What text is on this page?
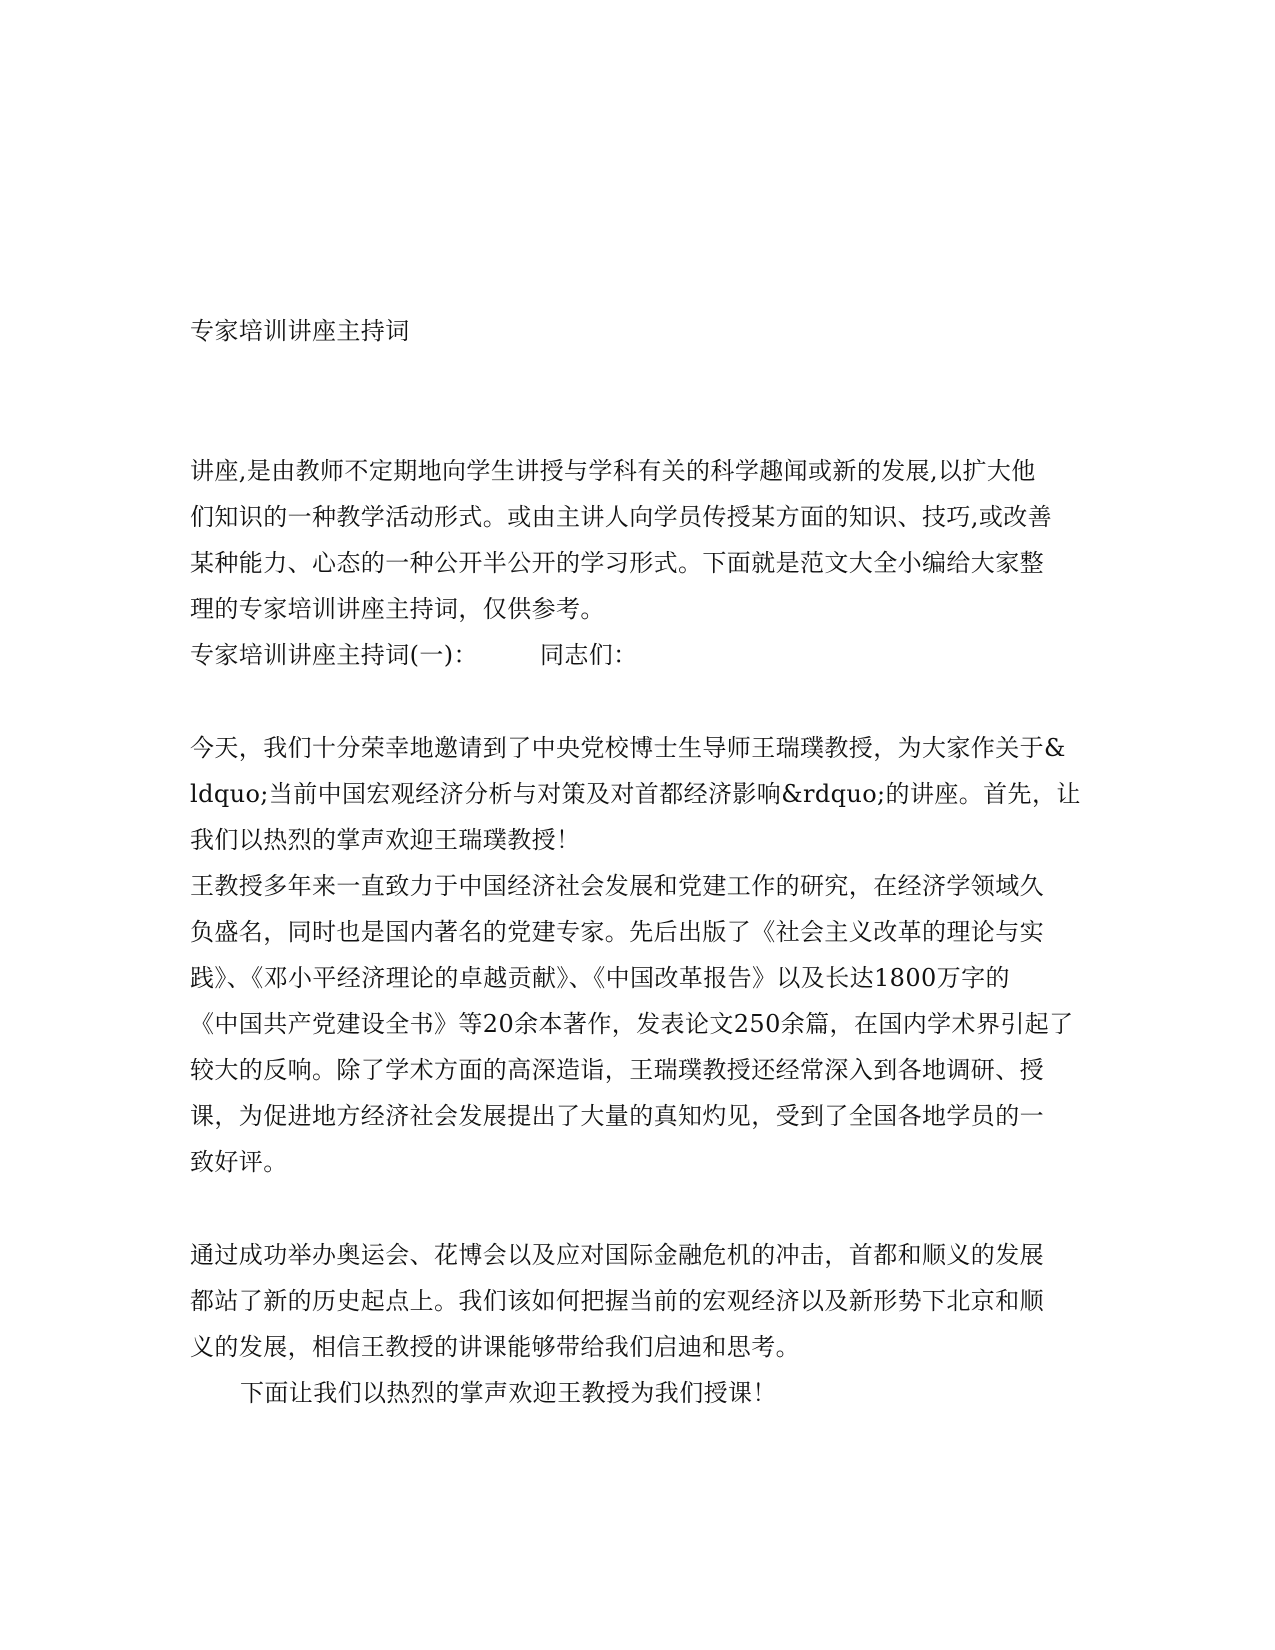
专家培训讲座主持词
讲座,是由教师不定期地向学生讲授与学科有关的科学趣闻或新的发展,以扩大他
们知识的一种教学活动形式。或由主讲人向学员传授某方面的知识、技巧,或改善
某种能力、心态的一种公开半公开的学习形式。下面就是范文大全小编给大家整
理的专家培训讲座主持词，仅供参考。
专家培训讲座主持词(一)：	同志们：
今天，我们十分荣幸地邀请到了中央党校博士生导师王瑞璞教授，为大家作关于&
ldquo;当前中国宏观经济分析与对策及对首都经济影响&rdquo;的讲座。首先，让
我们以热烈的掌声欢迎王瑞璞教授！
王教授多年来一直致力于中国经济社会发展和党建工作的研究，在经济学领域久
负盛名，同时也是国内著名的党建专家。先后出版了《社会主义改革的理论与实
践》、《邓小平经济理论的卓越贡献》、《中国改革报告》以及长达1800万字的
《中国共产党建设全书》等20余本著作，发表论文250余篇，在国内学术界引起了
较大的反响。除了学术方面的高深造诣，王瑞璞教授还经常深入到各地调研、授
课，为促进地方经济社会发展提出了大量的真知灼见，受到了全国各地学员的一
致好评。
通过成功举办奥运会、花博会以及应对国际金融危机的冲击，首都和顺义的发展
都站了新的历史起点上。我们该如何把握当前的宏观经济以及新形势下北京和顺
义的发展，相信王教授的讲课能够带给我们启迪和思考。
下面让我们以热烈的掌声欢迎王教授为我们授课！
